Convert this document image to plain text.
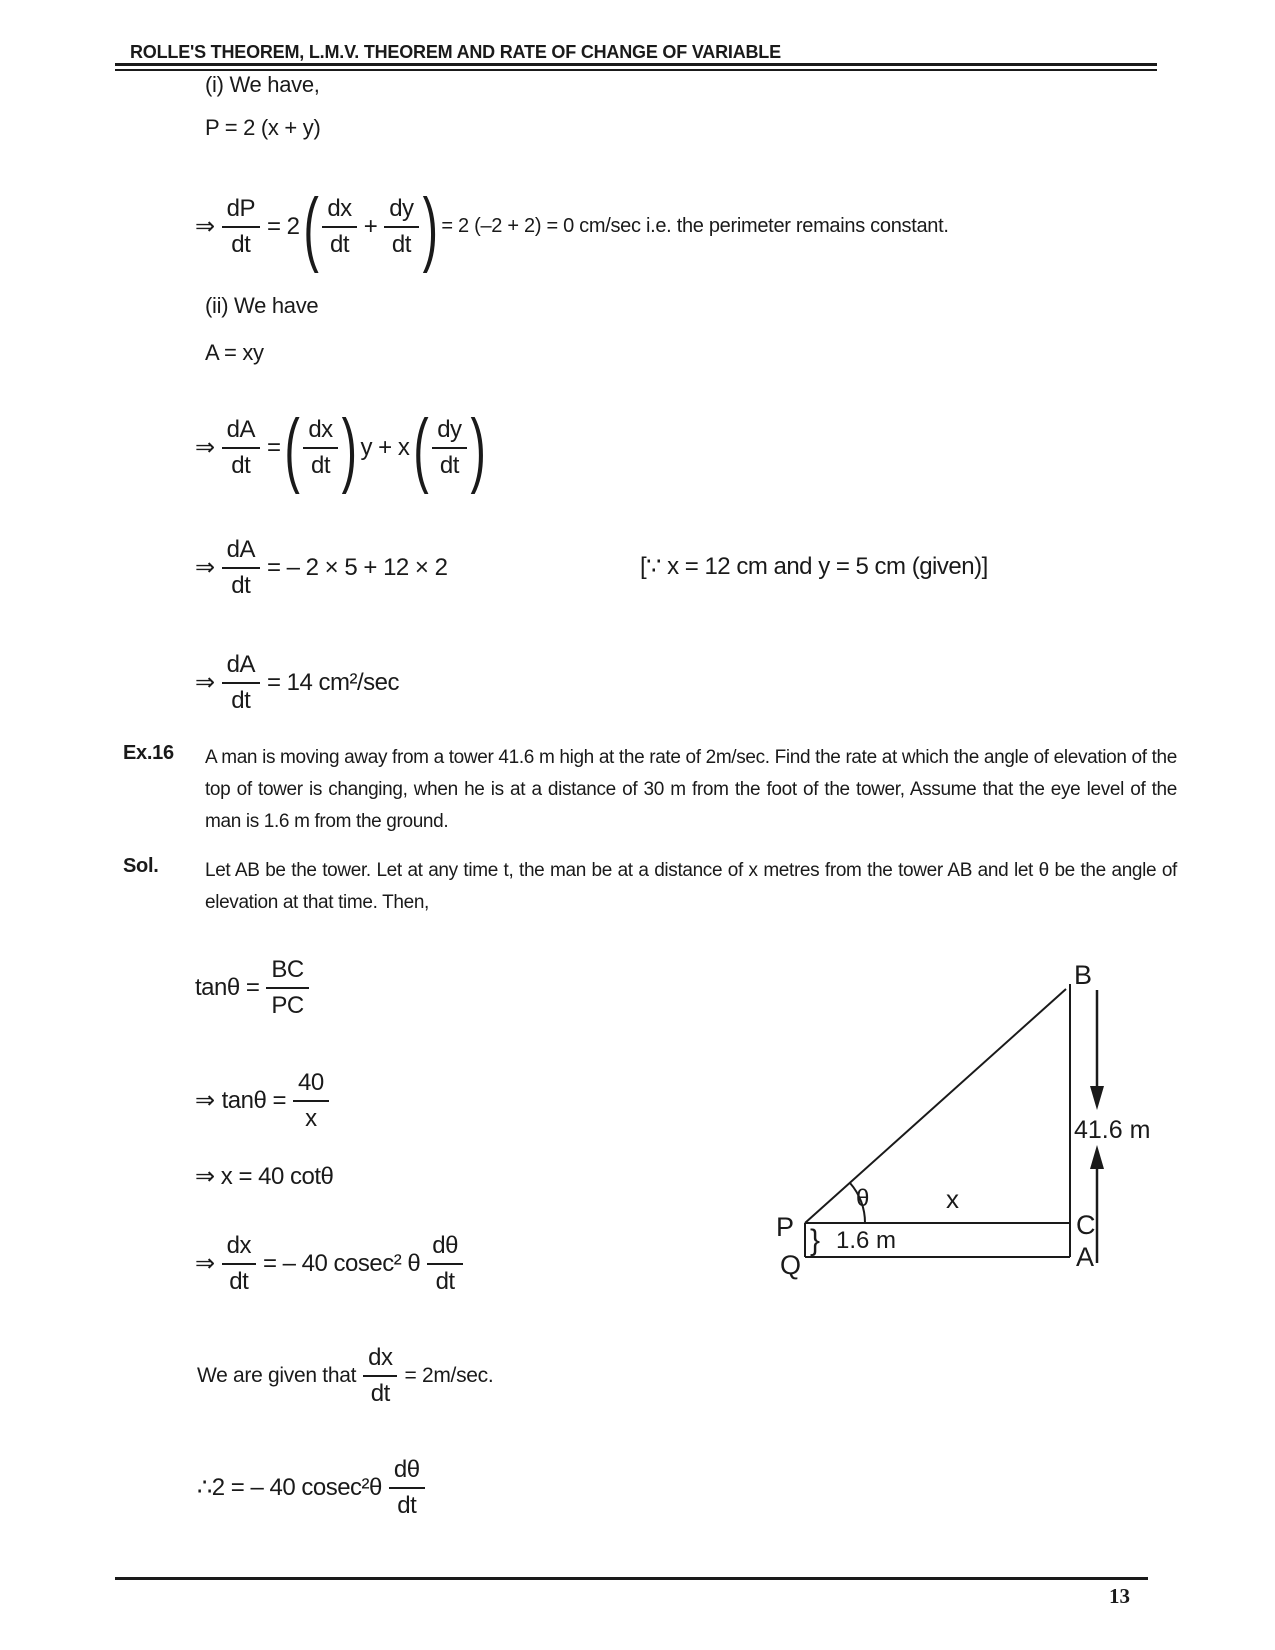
ROLLE'S THEOREM, L.M.V. THEOREM AND RATE OF CHANGE OF VARIABLE
(i) We have,
P = 2 (x + y)
⇒ $\frac{dP}{dt} = 2$ ( $\frac{dx}{dt} + \frac{dy}{dt}$ ) = 2 (–2 + 2) = 0 cm/sec i.e. the perimeter remains constant.
(ii) We have
A = xy
⇒ $\frac{dA}{dt}$ = ( $\frac{dx}{dt}$ ) y + x ( $\frac{dy}{dt}$ )
⇒ $\frac{dA}{dt}$ = – 2 × 5 + 12 × 2	[∵ x = 12 cm and y = 5 cm (given)]
⇒ $\frac{dA}{dt} = 14$ cm²/sec
Ex.16 A man is moving away from a tower 41.6 m high at the rate of 2m/sec. Find the rate at which the angle of elevation of the top of tower is changing, when he is at a distance of 30 m from the foot of the tower, Assume that the eye level of the man is 1.6 m from the ground.
Sol. Let AB be the tower. Let at any time t, the man be at a distance of x metres from the tower AB and let θ be the angle of elevation at that time. Then,
$\tan\theta = \frac{BC}{PC}$
⇒ $\tan\theta = \frac{40}{x}$
⇒ x = 40 cotθ
⇒ $\frac{dx}{dt}$ = – 40 cosec² θ $\frac{d\theta}{dt}$
We are given that $\frac{dx}{dt} = 2m/\sec$.
∴2 = – 40 $cosec^2\theta \frac{d\theta}{dt}$
B
P
Q
C
A
θ	x
1.6 m
41.6 m
}
13
